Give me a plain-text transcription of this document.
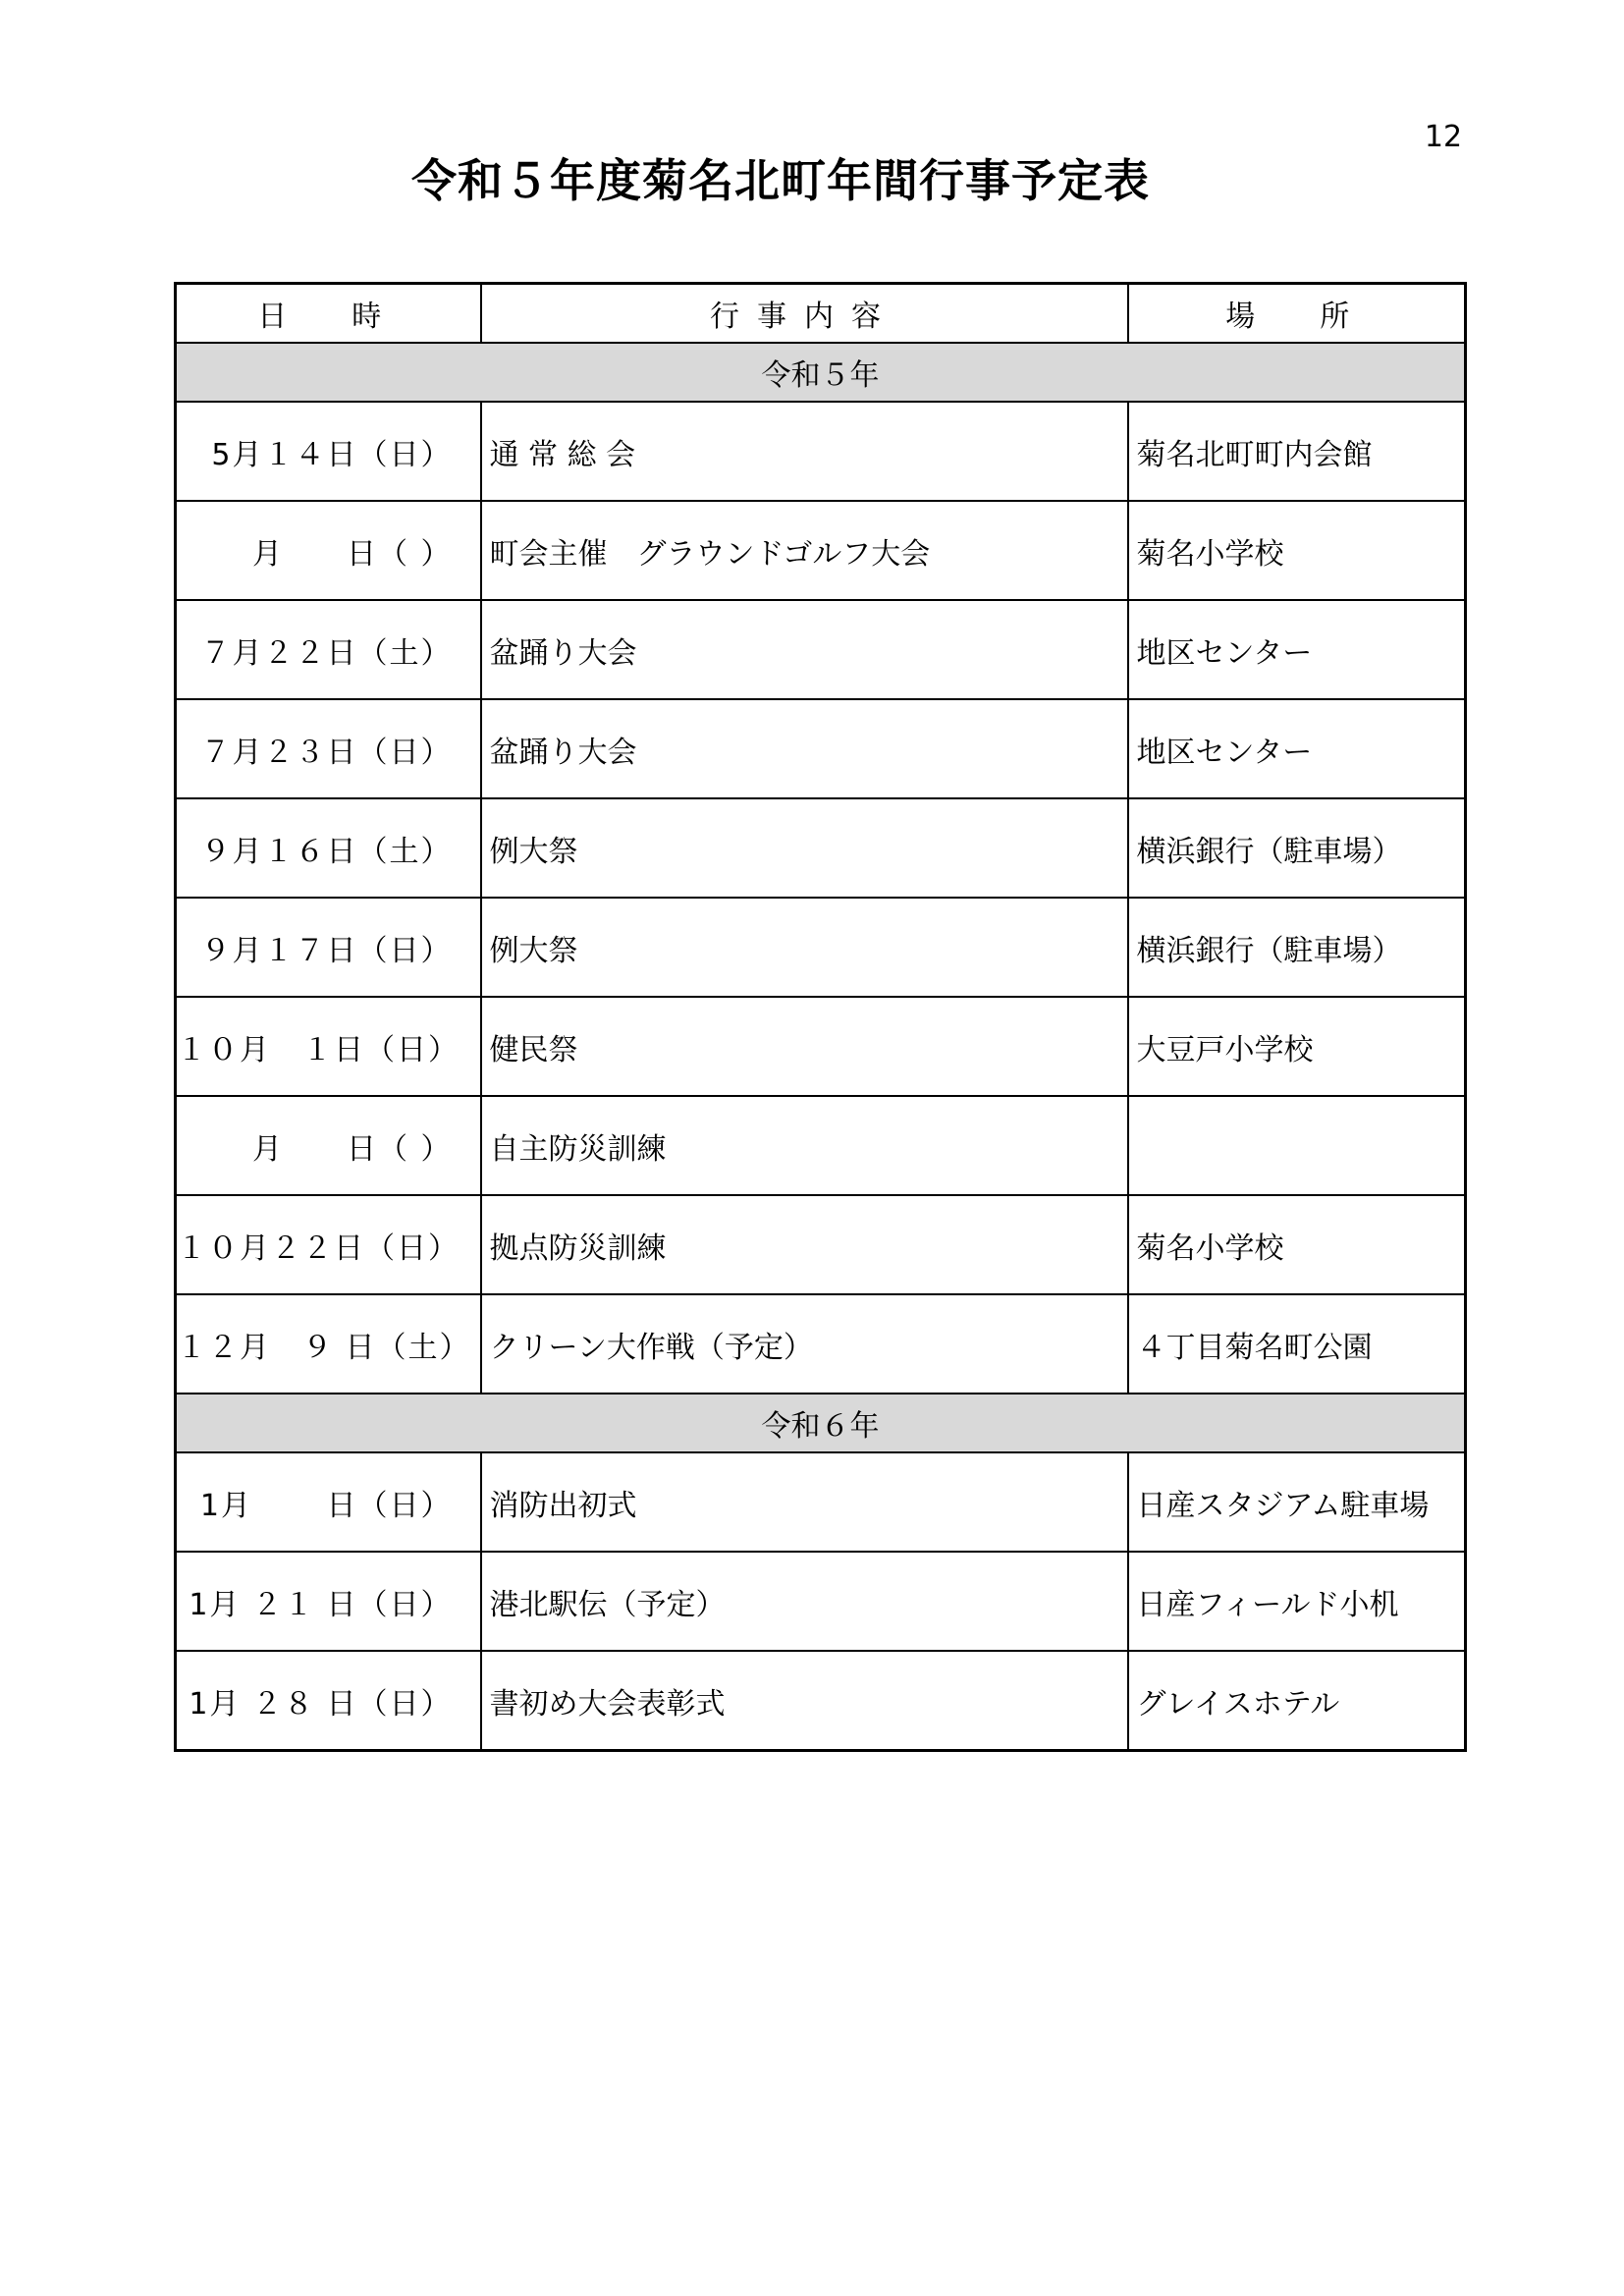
12
令和５年度菊名北町年間行事予定表
日　時	行事内容	場　所
令和５年		
5月１４日（日）	通 常 総 会	菊名北町町内会館
月　　日（ ）	町会主催　グラウンドゴルフ大会	菊名小学校
７月２２日（土）	盆踊り大会	地区センター
７月２３日（日）	盆踊り大会	地区センター
９月１６日（土）	例大祭	横浜銀行（駐車場）
９月１７日（日）	例大祭	横浜銀行（駐車場）
１０月　１日（日）	健民祭	大豆戸小学校
月　　日（ ）	自主防災訓練	
１０月２２日（日）	拠点防災訓練	菊名小学校
１２月　９ 日（土）	クリーン大作戦（予定）	４丁目菊名町公園
令和６年		
1月　　 日（日）	消防出初式	日産スタジアム駐車場
1月 ２１ 日（日）	港北駅伝（予定）	日産フィールド小机
1月 ２８ 日（日）	書初め大会表彰式	グレイスホテル
